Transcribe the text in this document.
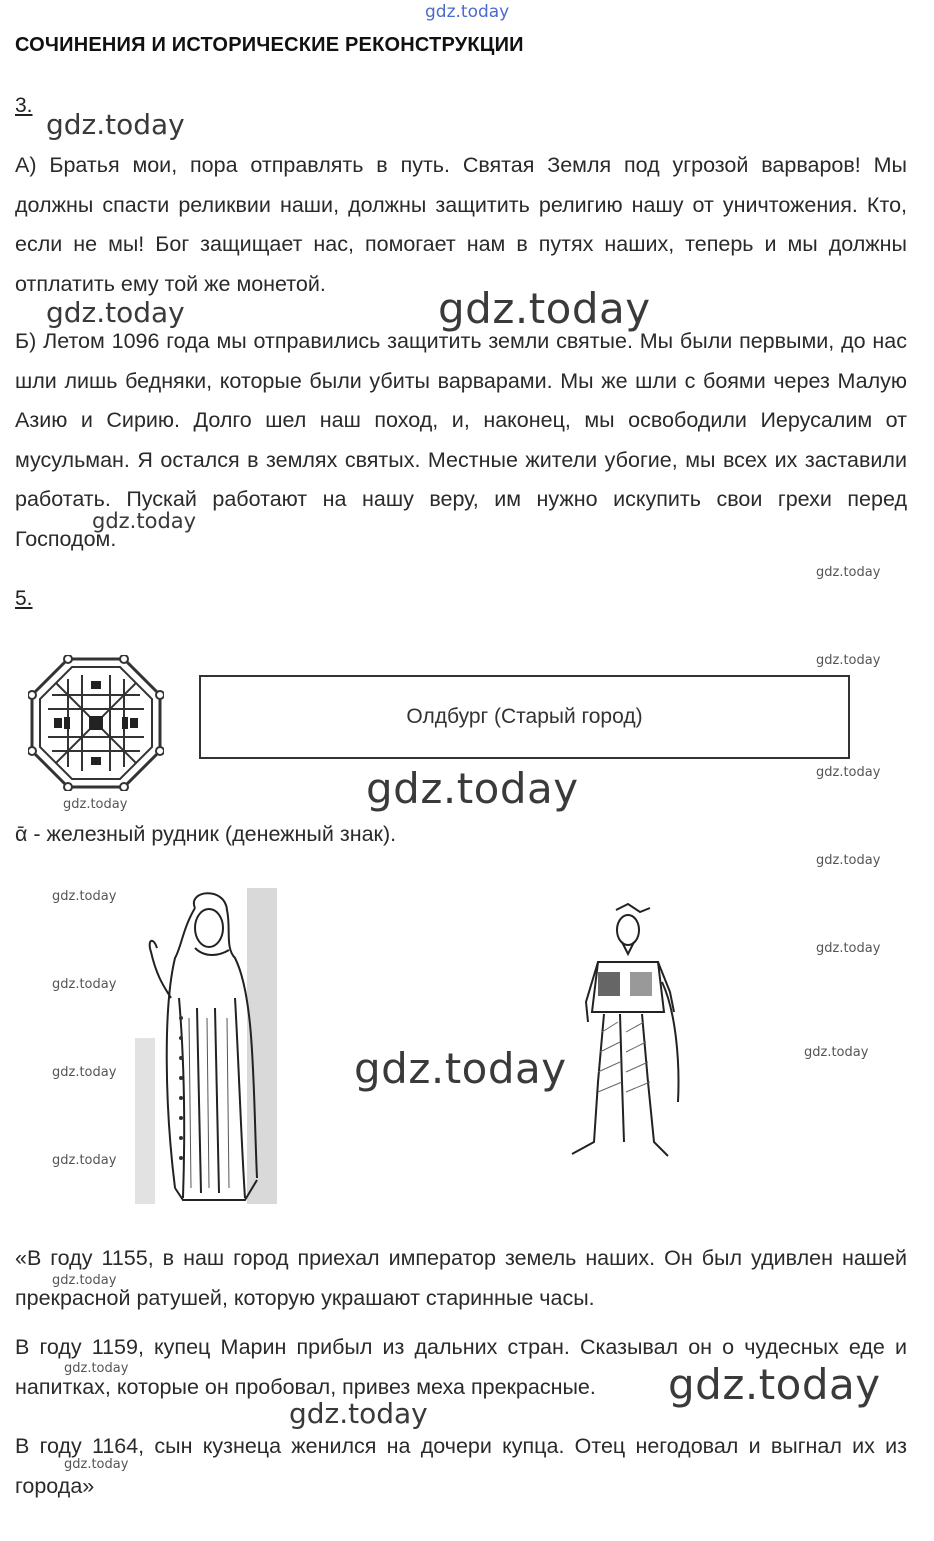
gdz.today
СОЧИНЕНИЯ И ИСТОРИЧЕСКИЕ РЕКОНСТРУКЦИИ
3.
А) Братья мои, пора отправлять в путь. Святая Земля под угрозой варваров! Мы должны спасти реликвии наши, должны защитить религию нашу от уничтожения. Кто, если не мы! Бог защищает нас, помогает нам в путях наших, теперь и мы должны отплатить ему той же монетой.
Б) Летом 1096 года мы отправились защитить земли святые. Мы были первыми, до нас шли лишь бедняки, которые были убиты варварами. Мы же шли с боями через Малую Азию и Сирию. Долго шел наш поход, и, наконец, мы освободили Иерусалим от мусульман. Я остался в землях святых. Местные жители убогие, мы всех их заставили работать. Пускай работают на нашу веру, им нужно искупить свои грехи перед Господом.
5.
Олдбург (Старый город)
ᾱ - железный рудник (денежный знак).
«В году 1155, в наш город приехал император земель наших. Он был удивлен нашей прекрасной ратушей, которую украшают старинные часы.
В году 1159, купец Марин прибыл из дальних стран. Сказывал он о чудесных еде и напитках, которые он пробовал, привез меха прекрасные.
В году 1164, сын кузнеца женился на дочери купца. Отец негодовал и выгнал их из города»
gdz.today
gdz.today	gdz.today
gdz.today
gdz.today
gdz.today
gdz.today
gdz.today
gdz.today
gdz.today
gdz.today
gdz.today
gdz.today
gdz.today
gdz.today
gdz.today
gdz.today
gdz.today
gdz.today	gdz.today
gdz.today
gdz.today
